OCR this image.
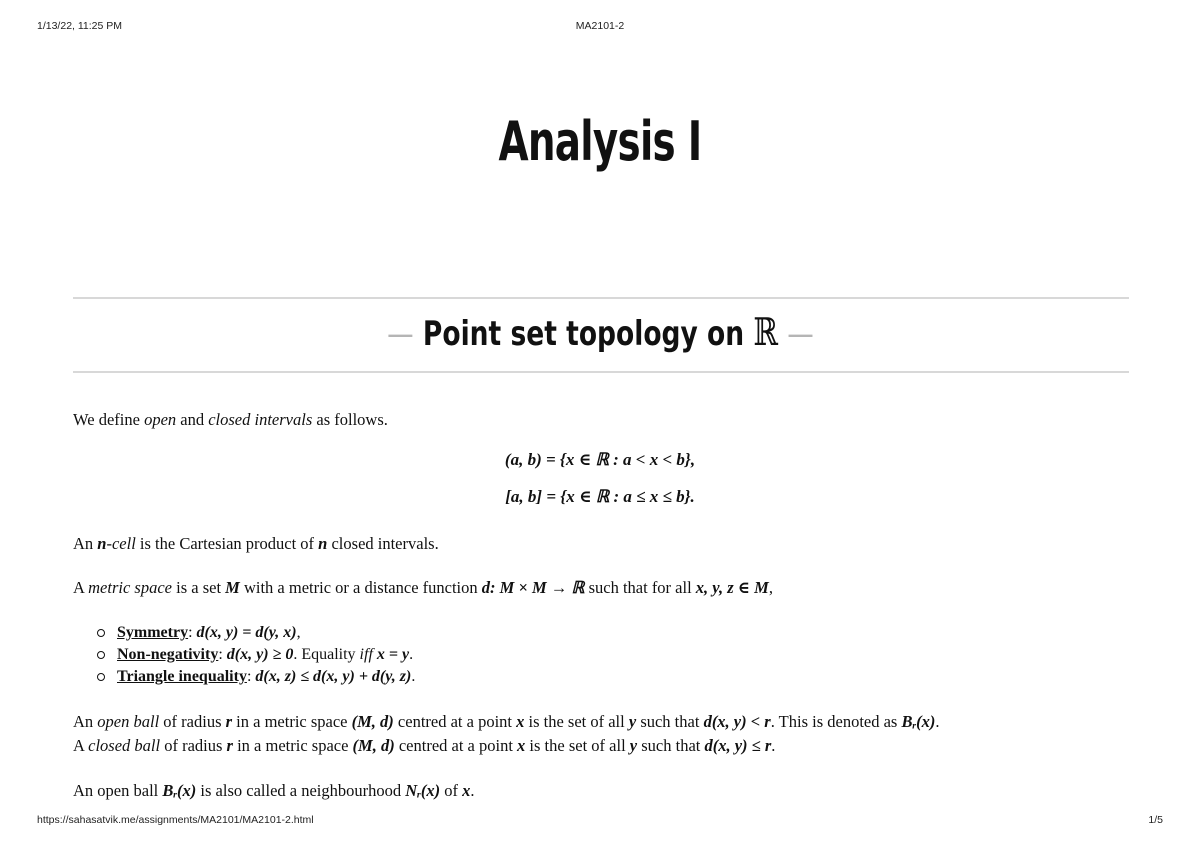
1/13/22, 11:25 PM	MA2101-2
Analysis I
— Point set topology on ℝ —
We define open and closed intervals as follows.
(a, b) = {x ∈ ℝ : a < x < b},
[a, b] = {x ∈ ℝ : a ≤ x ≤ b}.
An n-cell is the Cartesian product of n closed intervals.
A metric space is a set M with a metric or a distance function d: M × M → ℝ such that for all x, y, z ∈ M,
Symmetry: d(x, y) = d(y, x),
Non-negativity: d(x, y) ≥ 0. Equality iff x = y.
Triangle inequality: d(x, z) ≤ d(x, y) + d(y, z).
An open ball of radius r in a metric space (M, d) centred at a point x is the set of all y such that d(x, y) < r. This is denoted as Bᵣ(x).
A closed ball of radius r in a metric space (M, d) centred at a point x is the set of all y such that d(x, y) ≤ r.
An open ball Bᵣ(x) is also called a neighbourhood Nᵣ(x) of x.
https://sahasatvik.me/assignments/MA2101/MA2101-2.html	1/5
